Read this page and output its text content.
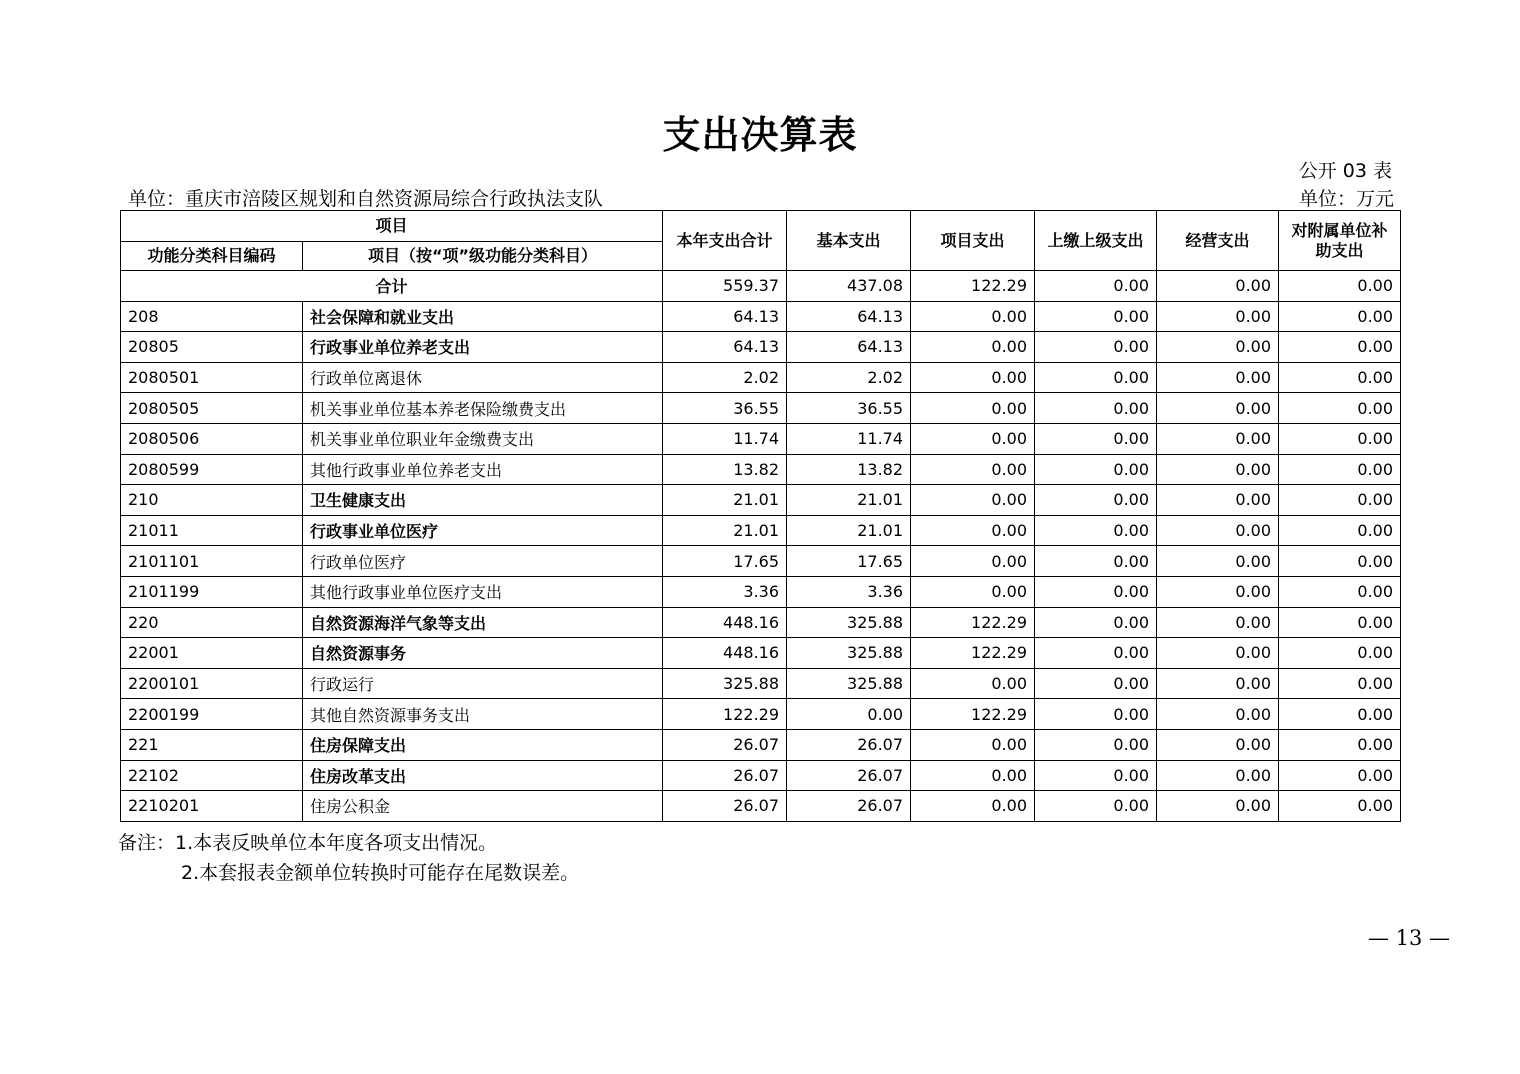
支出决算表
公开 03 表
单位：重庆市涪陵区规划和自然资源局综合行政执法支队	单位：万元
项目		本年支出合计	基本支出	项目支出	上缴上级支出	经营支出	对附属单位补助支出
功能分类科目编码	项目（按“项”级功能分类科目）						
合计		559.37	437.08	122.29	0.00	0.00	0.00
208	社会保障和就业支出	64.13	64.13	0.00	0.00	0.00	0.00
20805	行政事业单位养老支出	64.13	64.13	0.00	0.00	0.00	0.00
2080501	行政单位离退休	2.02	2.02	0.00	0.00	0.00	0.00
2080505	机关事业单位基本养老保险缴费支出	36.55	36.55	0.00	0.00	0.00	0.00
2080506	机关事业单位职业年金缴费支出	11.74	11.74	0.00	0.00	0.00	0.00
2080599	其他行政事业单位养老支出	13.82	13.82	0.00	0.00	0.00	0.00
210	卫生健康支出	21.01	21.01	0.00	0.00	0.00	0.00
21011	行政事业单位医疗	21.01	21.01	0.00	0.00	0.00	0.00
2101101	行政单位医疗	17.65	17.65	0.00	0.00	0.00	0.00
2101199	其他行政事业单位医疗支出	3.36	3.36	0.00	0.00	0.00	0.00
220	自然资源海洋气象等支出	448.16	325.88	122.29	0.00	0.00	0.00
22001	自然资源事务	448.16	325.88	122.29	0.00	0.00	0.00
2200101	行政运行	325.88	325.88	0.00	0.00	0.00	0.00
2200199	其他自然资源事务支出	122.29	0.00	122.29	0.00	0.00	0.00
221	住房保障支出	26.07	26.07	0.00	0.00	0.00	0.00
22102	住房改革支出	26.07	26.07	0.00	0.00	0.00	0.00
2210201	住房公积金	26.07	26.07	0.00	0.00	0.00	0.00
备注：1.本表反映单位本年度各项支出情况。
2.本套报表金额单位转换时可能存在尾数误差。
— 13 —
